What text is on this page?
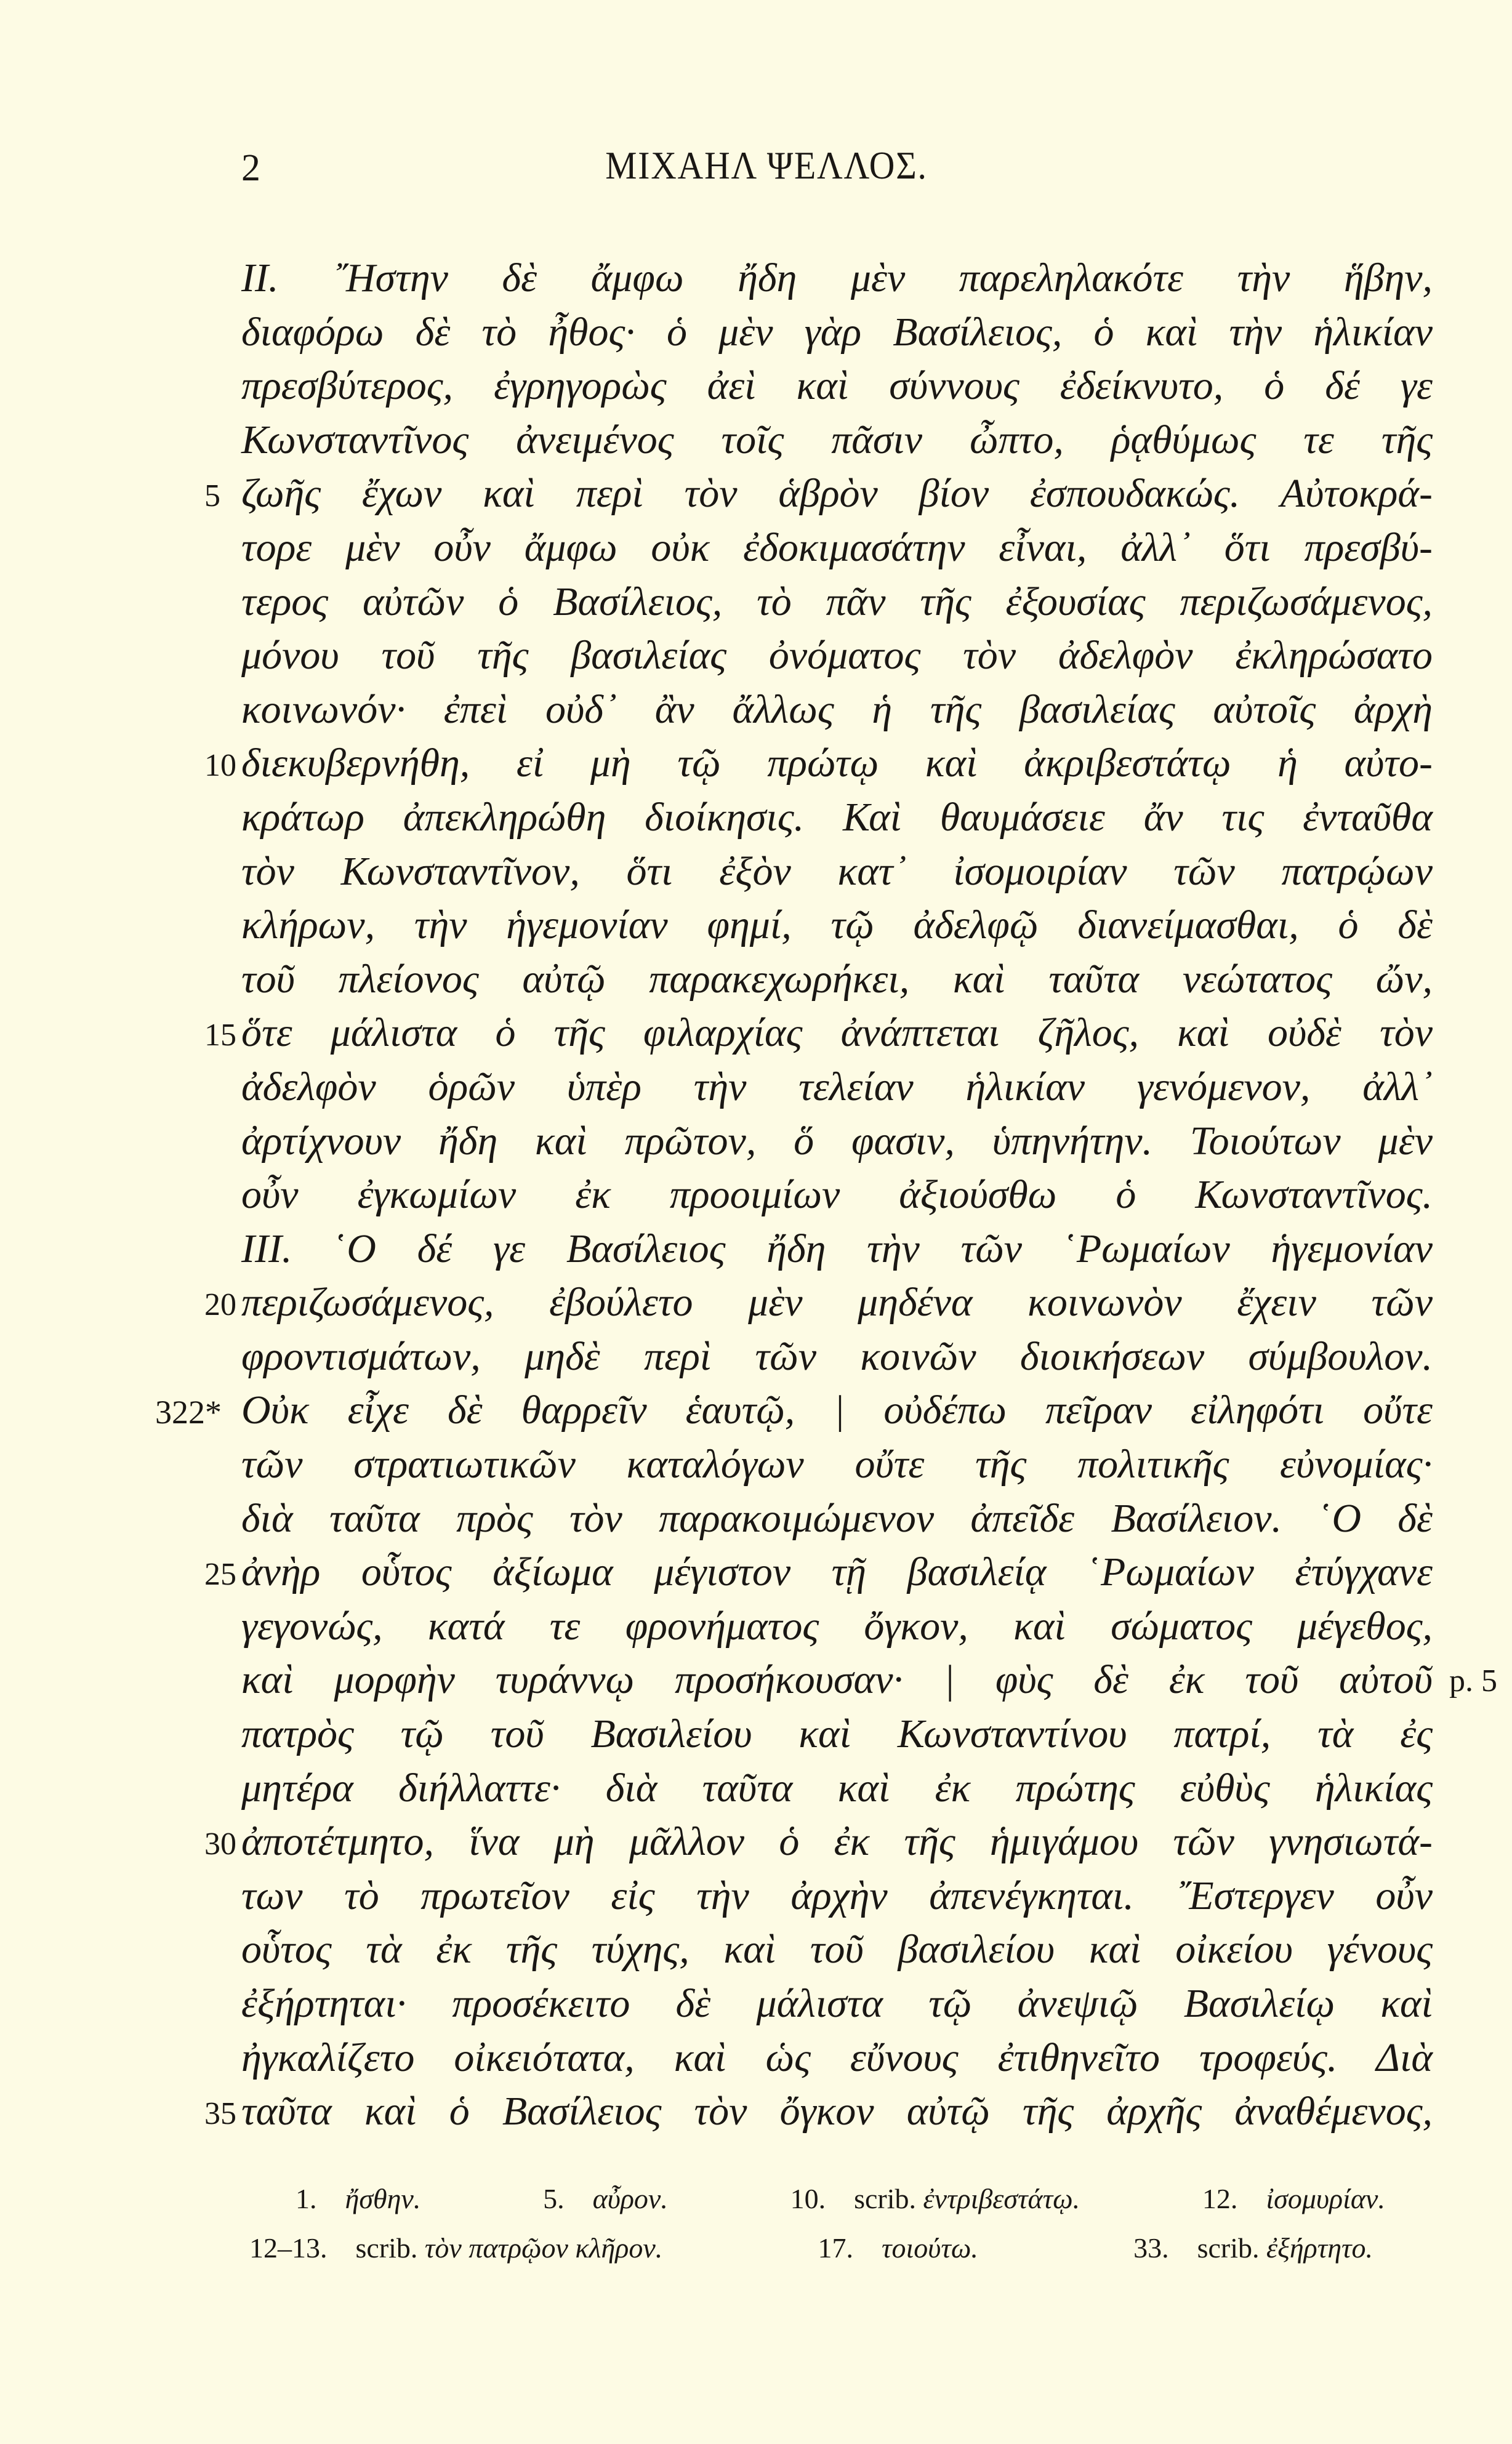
2	ΜΙΧΑΗΛ ΨΕΛΛΟΣ.
II. ῎Ηστην δὲ ἄμφω ἤδη μὲν παρεληλακότε τὴν ἥβην,
διαφόρω δὲ τὸ ἦθος· ὁ μὲν γὰρ Βασίλειος, ὁ καὶ τὴν ἡλικίαν
πρεσβύτερος, ἐγρηγορὼς ἀεὶ καὶ σύννους ἐδείκνυτο, ὁ δέ γε
Κωνσταντῖνος ἀνειμένος τοῖς πᾶσιν ὦπτο, ῥᾳθύμως τε τῆς
5 ζωῆς ἔχων καὶ περὶ τὸν ἁβρὸν βίον ἐσπουδακώς. Αὐτοκρά-
τορε μὲν οὖν ἄμφω οὐκ ἐδοκιμασάτην εἶναι, ἀλλ᾽ ὅτι πρεσβύ-
τερος αὐτῶν ὁ Βασίλειος, τὸ πᾶν τῆς ἐξουσίας περιζωσάμενος,
μόνου τοῦ τῆς βασιλείας ὀνόματος τὸν ἀδελφὸν ἐκληρώσατο
κοινωνόν· ἐπεὶ οὐδ᾽ ἂν ἄλλως ἡ τῆς βασιλείας αὐτοῖς ἀρχὴ
10 διεκυβερνήθη, εἰ μὴ τῷ πρώτῳ καὶ ἀκριβεστάτῳ ἡ αὐτο-
κράτωρ ἀπεκληρώθη διοίκησις. Καὶ θαυμάσειε ἄν τις ἐνταῦθα
τὸν Κωνσταντῖνον, ὅτι ἐξὸν κατ᾽ ἰσομοιρίαν τῶν πατρῴων
κλήρων, τὴν ἡγεμονίαν φημί, τῷ ἀδελφῷ διανείμασθαι, ὁ δὲ
τοῦ πλείονος αὐτῷ παρακεχωρήκει, καὶ ταῦτα νεώτατος ὤν,
15 ὅτε μάλιστα ὁ τῆς φιλαρχίας ἀνάπτεται ζῆλος, καὶ οὐδὲ τὸν
ἀδελφὸν ὁρῶν ὑπὲρ τὴν τελείαν ἡλικίαν γενόμενον, ἀλλ᾽
ἀρτίχνουν ἤδη καὶ πρῶτον, ὅ φασιν, ὑπηνήτην. Τοιούτων μὲν
οὖν ἐγκωμίων ἐκ προοιμίων ἀξιούσθω ὁ Κωνσταντῖνος.
III. ῾Ο δέ γε Βασίλειος ἤδη τὴν τῶν ῾Ρωμαίων ἡγεμονίαν
20 περιζωσάμενος, ἐβούλετο μὲν μηδένα κοινωνὸν ἔχειν τῶν
φροντισμάτων, μηδὲ περὶ τῶν κοινῶν διοικήσεων σύμβουλον.
322* Οὐκ εἶχε δὲ θαρρεῖν ἑαυτῷ, | οὐδέπω πεῖραν εἰληφότι οὔτε
τῶν στρατιωτικῶν καταλόγων οὔτε τῆς πολιτικῆς εὐνομίας·
διὰ ταῦτα πρὸς τὸν παρακοιμώμενον ἀπεῖδε Βασίλειον. ῾Ο δὲ
25 ἀνὴρ οὗτος ἀξίωμα μέγιστον τῇ βασιλείᾳ ῾Ρωμαίων ἐτύγχανε
γεγονώς, κατά τε φρονήματος ὄγκον, καὶ σώματος μέγεθος,
καὶ μορφὴν τυράννῳ προσήκουσαν· | φὺς δὲ ἐκ τοῦ αὐτοῦ p. 5
πατρὸς τῷ τοῦ Βασιλείου καὶ Κωνσταντίνου πατρί, τὰ ἐς
μητέρα διήλλαττε· διὰ ταῦτα καὶ ἐκ πρώτης εὐθὺς ἡλικίας
30 ἀποτέτμητο, ἵνα μὴ μᾶλλον ὁ ἐκ τῆς ἡμιγάμου τῶν γνησιωτά-
των τὸ πρωτεῖον εἰς τὴν ἀρχὴν ἀπενέγκηται. ῎Εστεργεν οὖν
οὗτος τὰ ἐκ τῆς τύχης, καὶ τοῦ βασιλείου καὶ οἰκείου γένους
ἐξήρτηται· προσέκειτο δὲ μάλιστα τῷ ἀνεψιῷ Βασιλείῳ καὶ
ἠγκαλίζετο οἰκειότατα, καὶ ὡς εὔνους ἐτιθηνεῖτο τροφεύς. Διὰ
35 ταῦτα καὶ ὁ Βασίλειος τὸν ὄγκον αὐτῷ τῆς ἀρχῆς ἀναθέμενος,
1.  ἤσθην.	5.  αὖρον.	10.  scrib. ἐντριβεστάτῳ.	12.  ἰσομυρίαν.
12–13.  scrib. τὸν πατρῷον κλῆρον.	17.  τοιούτω.	33.  scrib. ἐξήρτητο.
